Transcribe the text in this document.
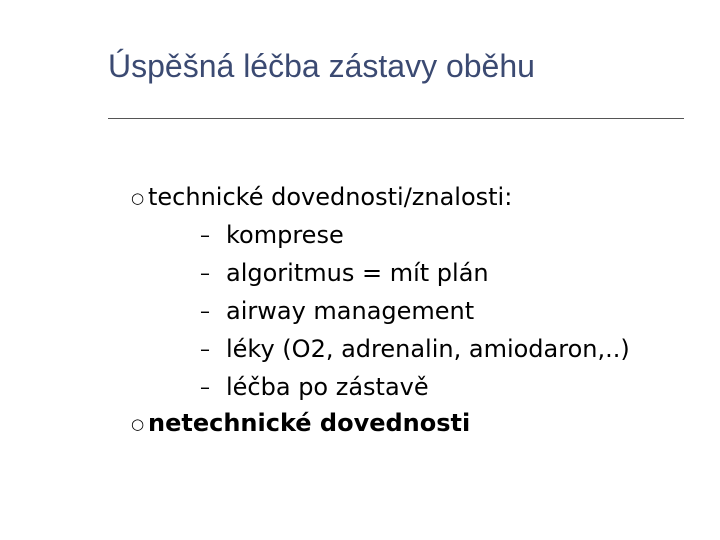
Úspěšná léčba zástavy oběhu
○ technické dovednosti/znalosti:
– komprese
– algoritmus = mít plán
– airway management
– léky (O2, adrenalin, amiodaron,..)
– léčba po zástavě
○ netechnické dovednosti
